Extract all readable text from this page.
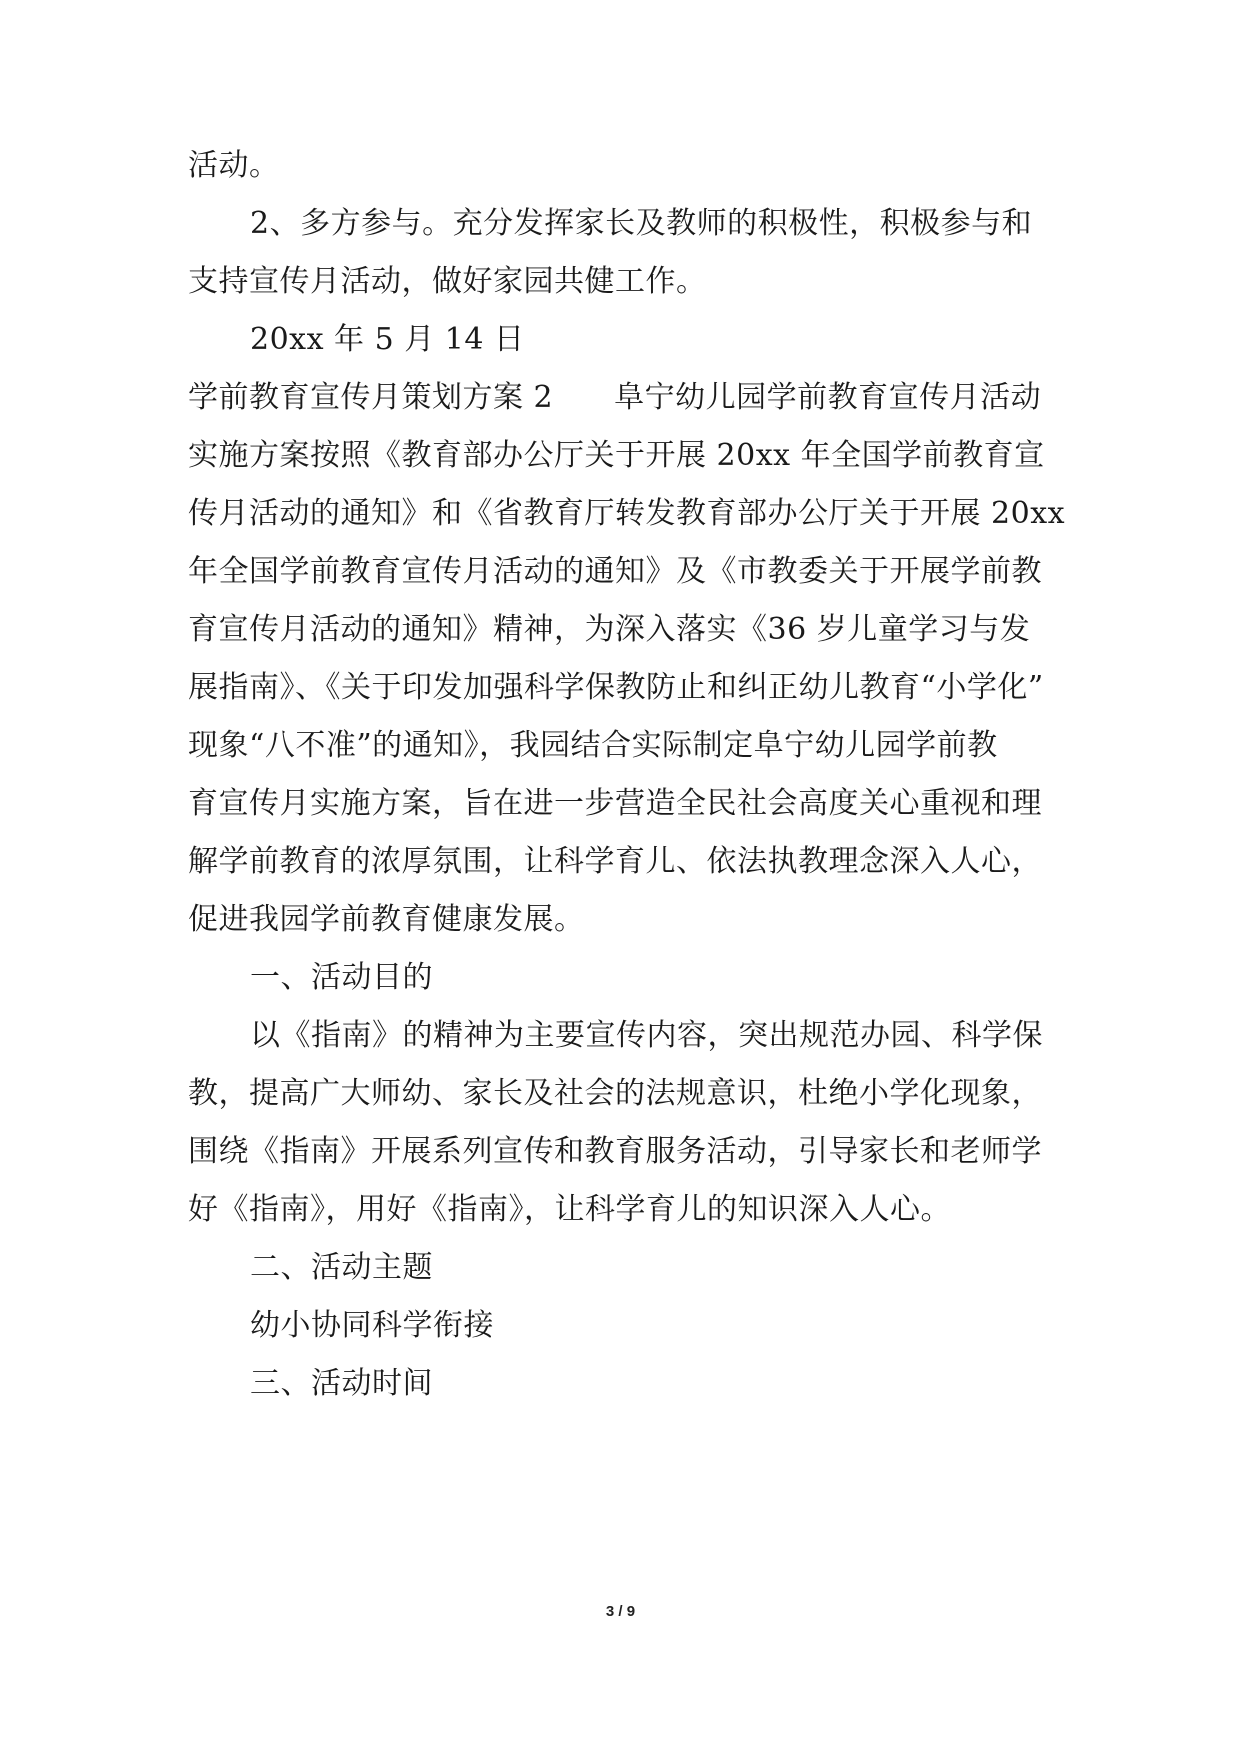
活动。
2、多方参与。充分发挥家长及教师的积极性，积极参与和
支持宣传月活动，做好家园共健工作。
20xx 年 5 月 14 日
学前教育宣传月策划方案 2　　阜宁幼儿园学前教育宣传月活动
实施方案按照《教育部办公厅关于开展 20xx 年全国学前教育宣
传月活动的通知》和《省教育厅转发教育部办公厅关于开展 20xx
年全国学前教育宣传月活动的通知》及《市教委关于开展学前教
育宣传月活动的通知》精神，为深入落实《36 岁儿童学习与发
展指南》、《关于印发加强科学保教防止和纠正幼儿教育“小学化”
现象“八不准”的通知》，我园结合实际制定阜宁幼儿园学前教
育宣传月实施方案，旨在进一步营造全民社会高度关心重视和理
解学前教育的浓厚氛围，让科学育儿、依法执教理念深入人心，
促进我园学前教育健康发展。
一、活动目的
以《指南》的精神为主要宣传内容，突出规范办园、科学保
教，提高广大师幼、家长及社会的法规意识，杜绝小学化现象，
围绕《指南》开展系列宣传和教育服务活动，引导家长和老师学
好《指南》，用好《指南》，让科学育儿的知识深入人心。
二、活动主题
幼小协同科学衔接
三、活动时间
3 / 9
